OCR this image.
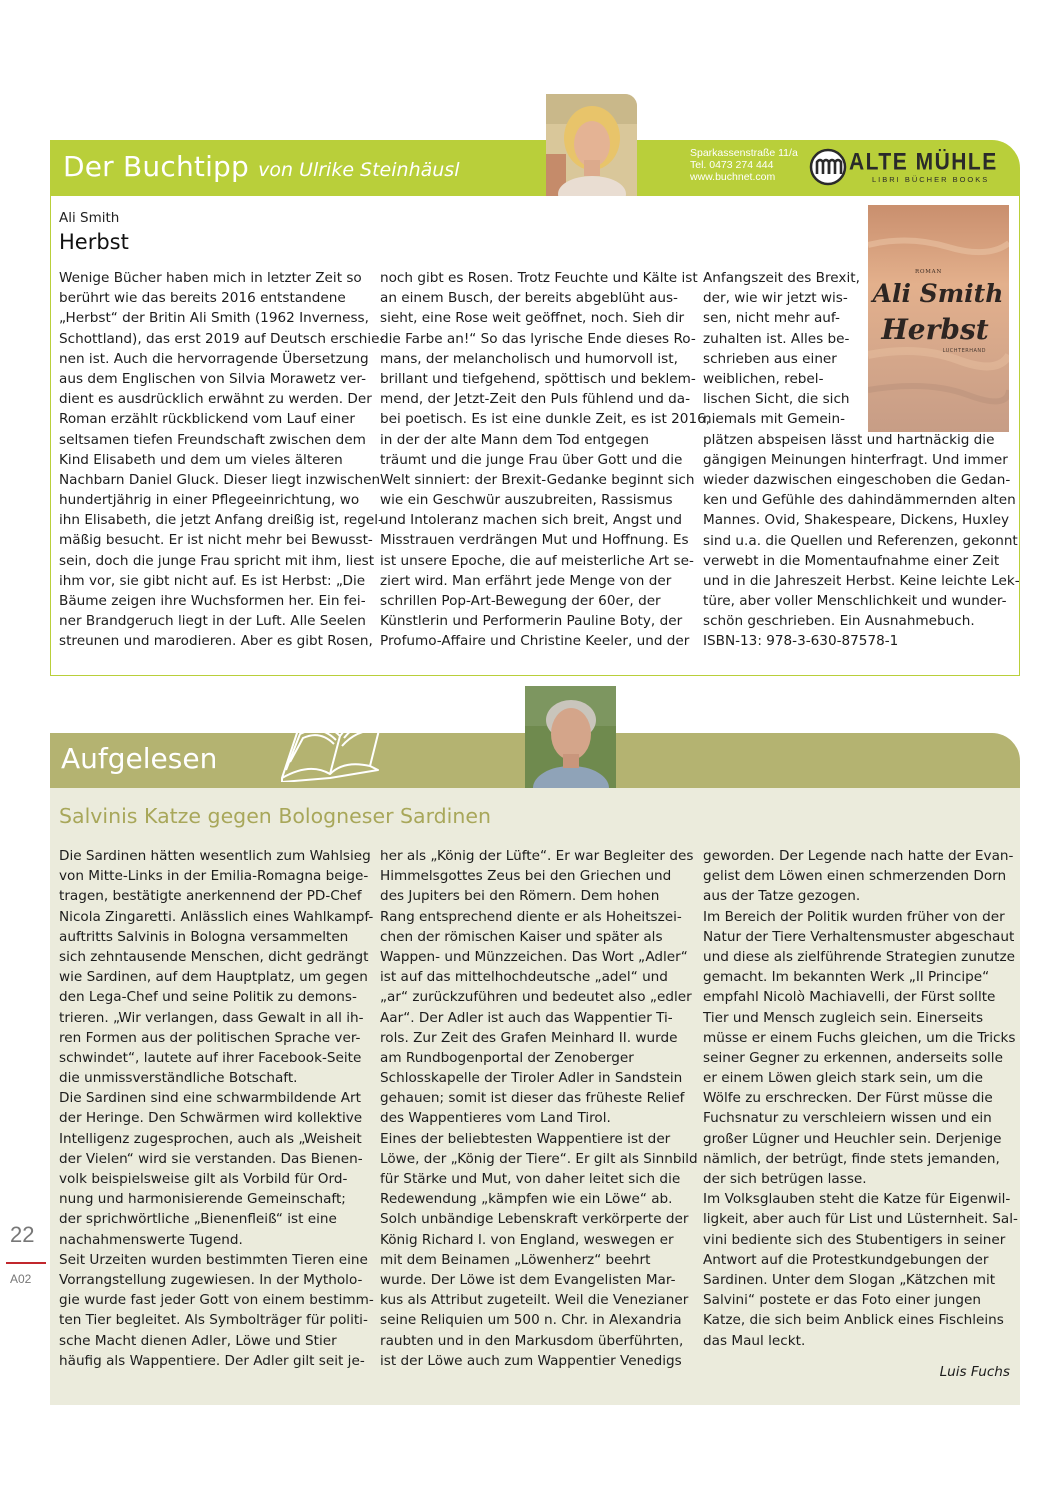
Der Buchtipp von Ulrike Steinhäusl
Sparkassenstraße 11/a
Tel. 0473 274 444
www.buchnet.com
ALTE MÜHLE
LIBRI BÜCHER BOOKS
Ali Smith
Herbst
Wenige Bücher haben mich in letzter Zeit so
berührt wie das bereits 2016 entstandene
„Herbst“ der Britin Ali Smith (1962 Inverness,
Schottland), das erst 2019 auf Deutsch erschie-
nen ist. Auch die hervorragende Übersetzung
aus dem Englischen von Silvia Morawetz ver-
dient es ausdrücklich erwähnt zu werden. Der
Roman erzählt rückblickend vom Lauf einer
seltsamen tiefen Freundschaft zwischen dem
Kind Elisabeth und dem um vieles älteren
Nachbarn Daniel Gluck. Dieser liegt inzwischen
hundertjährig in einer Pflegeeinrichtung, wo
ihn Elisabeth, die jetzt Anfang dreißig ist, regel-
mäßig besucht. Er ist nicht mehr bei Bewusst-
sein, doch die junge Frau spricht mit ihm, liest
ihm vor, sie gibt nicht auf. Es ist Herbst: „Die
Bäume zeigen ihre Wuchsformen her. Ein fei-
ner Brandgeruch liegt in der Luft. Alle Seelen
streunen und marodieren. Aber es gibt Rosen,
noch gibt es Rosen. Trotz Feuchte und Kälte ist
an einem Busch, der bereits abgeblüht aus-
sieht, eine Rose weit geöffnet, noch. Sieh dir
die Farbe an!“ So das lyrische Ende dieses Ro-
mans, der melancholisch und humorvoll ist,
brillant und tiefgehend, spöttisch und beklem-
mend, der Jetzt-Zeit den Puls fühlend und da-
bei poetisch. Es ist eine dunkle Zeit, es ist 2016,
in der der alte Mann dem Tod entgegen
träumt und die junge Frau über Gott und die
Welt sinniert: der Brexit-Gedanke beginnt sich
wie ein Geschwür auszubreiten, Rassismus
und Intoleranz machen sich breit, Angst und
Misstrauen verdrängen Mut und Hoffnung. Es
ist unsere Epoche, die auf meisterliche Art se-
ziert wird. Man erfährt jede Menge von der
schrillen Pop-Art-Bewegung der 60er, der
Künstlerin und Performerin Pauline Boty, der
Profumo-Affaire und Christine Keeler, und der
Anfangszeit des Brexit,
der, wie wir jetzt wis-
sen, nicht mehr auf-
zuhalten ist. Alles be-
schrieben aus einer
weiblichen, rebel-
lischen Sicht, die sich
niemals mit Gemein-
plätzen abspeisen lässt und hartnäckig die
gängigen Meinungen hinterfragt. Und immer
wieder dazwischen eingeschoben die Gedan-
ken und Gefühle des dahindämmernden alten
Mannes. Ovid, Shakespeare, Dickens, Huxley
sind u.a. die Quellen und Referenzen, gekonnt
verwebt in die Momentaufnahme einer Zeit
und in die Jahreszeit Herbst. Keine leichte Lek-
türe, aber voller Menschlichkeit und wunder-
schön geschrieben. Ein Ausnahmebuch.
ISBN-13: 978-3-630-87578-1
ROMAN
Ali Smith
Herbst
LUCHTERHAND
Aufgelesen
Salvinis Katze gegen Bologneser Sardinen
Die Sardinen hätten wesentlich zum Wahlsieg
von Mitte-Links in der Emilia-Romagna beige-
tragen, bestätigte anerkennend der PD-Chef
Nicola Zingaretti. Anlässlich eines Wahlkampf-
auftritts Salvinis in Bologna versammelten
sich zehntausende Menschen, dicht gedrängt
wie Sardinen, auf dem Hauptplatz, um gegen
den Lega-Chef und seine Politik zu demons-
trieren. „Wir verlangen, dass Gewalt in all ih-
ren Formen aus der politischen Sprache ver-
schwindet“, lautete auf ihrer Facebook-Seite
die unmissverständliche Botschaft.
Die Sardinen sind eine schwarmbildende Art
der Heringe. Den Schwärmen wird kollektive
Intelligenz zugesprochen, auch als „Weisheit
der Vielen“ wird sie verstanden. Das Bienen-
volk beispielsweise gilt als Vorbild für Ord-
nung und harmonisierende Gemeinschaft;
der sprichwörtliche „Bienenfleiß“ ist eine
nachahmenswerte Tugend.
Seit Urzeiten wurden bestimmten Tieren eine
Vorrangstellung zugewiesen. In der Mytholo-
gie wurde fast jeder Gott von einem bestimm-
ten Tier begleitet. Als Symbolträger für politi-
sche Macht dienen Adler, Löwe und Stier
häufig als Wappentiere. Der Adler gilt seit je-
her als „König der Lüfte“. Er war Begleiter des
Himmelsgottes Zeus bei den Griechen und
des Jupiters bei den Römern. Dem hohen
Rang entsprechend diente er als Hoheitszei-
chen der römischen Kaiser und später als
Wappen- und Münzzeichen. Das Wort „Adler“
ist auf das mittelhochdeutsche „adel“ und
„ar“ zurückzuführen und bedeutet also „edler
Aar“. Der Adler ist auch das Wappentier Ti-
rols. Zur Zeit des Grafen Meinhard II. wurde
am Rundbogenportal der Zenoberger
Schlosskapelle der Tiroler Adler in Sandstein
gehauen; somit ist dieser das früheste Relief
des Wappentieres vom Land Tirol.
Eines der beliebtesten Wappentiere ist der
Löwe, der „König der Tiere“. Er gilt als Sinnbild
für Stärke und Mut, von daher leitet sich die
Redewendung „kämpfen wie ein Löwe“ ab.
Solch unbändige Lebenskraft verkörperte der
König Richard I. von England, weswegen er
mit dem Beinamen „Löwenherz“ beehrt
wurde. Der Löwe ist dem Evangelisten Mar-
kus als Attribut zugeteilt. Weil die Venezianer
seine Reliquien um 500 n. Chr. in Alexandria
raubten und in den Markusdom überführten,
ist der Löwe auch zum Wappentier Venedigs
geworden. Der Legende nach hatte der Evan-
gelist dem Löwen einen schmerzenden Dorn
aus der Tatze gezogen.
Im Bereich der Politik wurden früher von der
Natur der Tiere Verhaltensmuster abgeschaut
und diese als zielführende Strategien zunutze
gemacht. Im bekannten Werk „Il Principe“
empfahl Nicolò Machiavelli, der Fürst sollte
Tier und Mensch zugleich sein. Einerseits
müsse er einem Fuchs gleichen, um die Tricks
seiner Gegner zu erkennen, anderseits solle
er einem Löwen gleich stark sein, um die
Wölfe zu erschrecken. Der Fürst müsse die
Fuchsnatur zu verschleiern wissen und ein
großer Lügner und Heuchler sein. Derjenige
nämlich, der betrügt, finde stets jemanden,
der sich betrügen lasse.
Im Volksglauben steht die Katze für Eigenwil-
ligkeit, aber auch für List und Lüsternheit. Sal-
vini bediente sich des Stubentigers in seiner
Antwort auf die Protestkundgebungen der
Sardinen. Unter dem Slogan „Kätzchen mit
Salvini“ postete er das Foto einer jungen
Katze, die sich beim Anblick eines Fischleins
das Maul leckt.
Luis Fuchs
22
A02
